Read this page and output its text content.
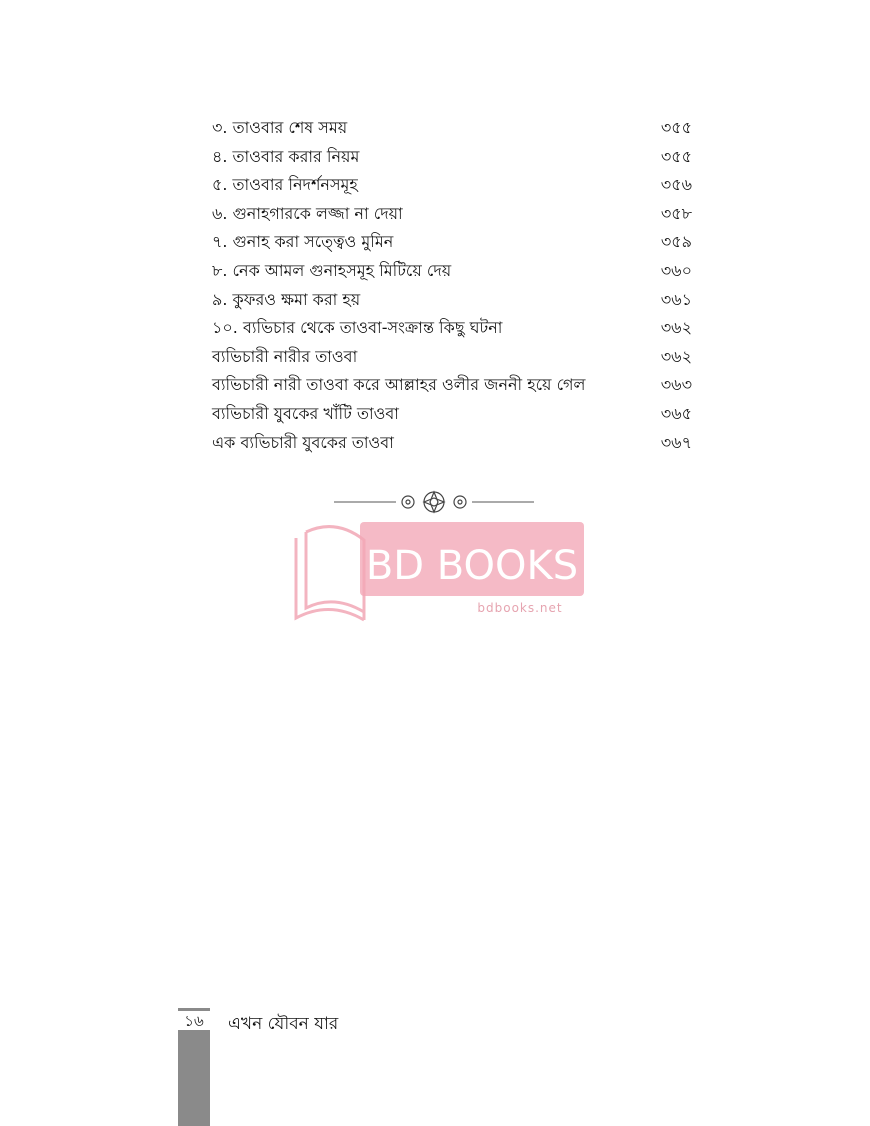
৩. তাওবার শেষ সময়	৩৫৫
৪. তাওবার করার নিয়ম	৩৫৫
৫. তাওবার নিদর্শনসমূহ	৩৫৬
৬. গুনাহগারকে লজ্জা না দেয়া	৩৫৮
৭. গুনাহ করা সত্ত্বেও মুমিন	৩৫৯
৮. নেক আমল গুনাহসমূহ মিটিয়ে দেয়	৩৬০
৯. কুফরও ক্ষমা করা হয়	৩৬১
১০. ব্যভিচার থেকে তাওবা-সংক্রান্ত কিছু ঘটনা	৩৬২
ব্যভিচারী নারীর তাওবা	৩৬২
ব্যভিচারী নারী তাওবা করে আল্লাহর ওলীর জননী হয়ে গেল	৩৬৩
ব্যভিচারী যুবকের খাঁটি তাওবা	৩৬৫
এক ব্যভিচারী যুবকের তাওবা	৩৬৭
BD BOOKS
bdbooks.net
১৬	এখন যৌবন যার
